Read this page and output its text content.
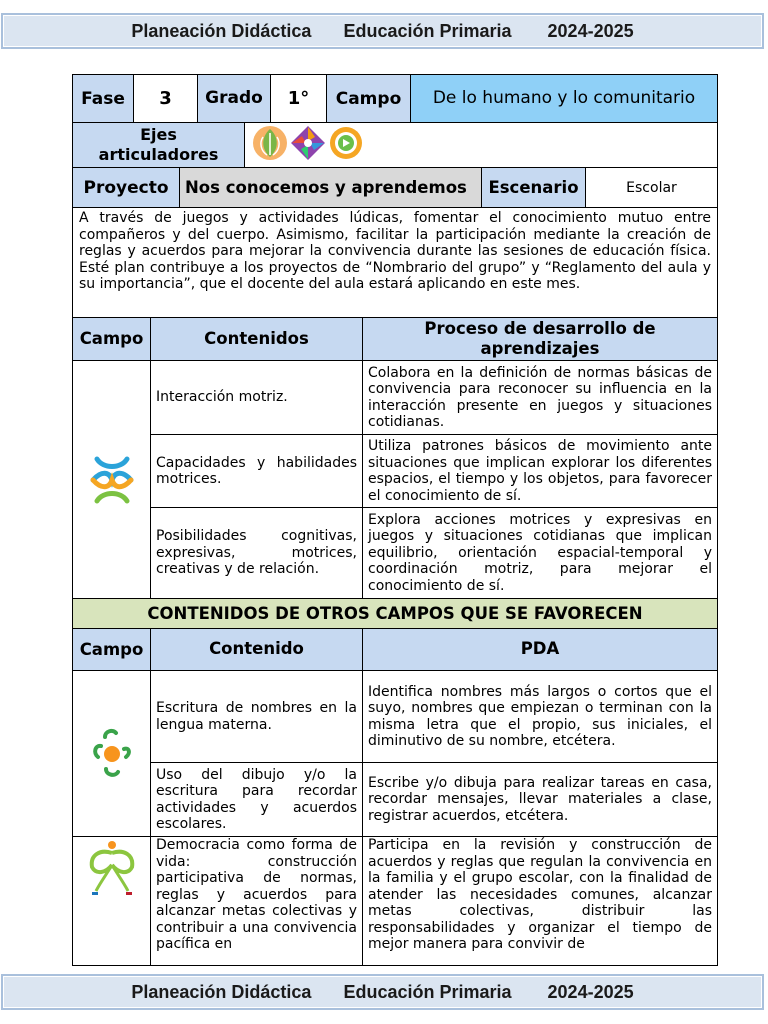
Planeación Didáctica Educación Primaria 2024-2025
Fase	3	Grado	1°	Campo	De lo humano y lo comunitario
Ejes articuladores	
Proyecto	Nos conocemos y aprendemos	Escenario	Escolar
A través de juegos y actividades lúdicas, fomentar el conocimiento mutuo entre compañeros y del cuerpo. Asimismo, facilitar la participación mediante la creación de reglas y acuerdos para mejorar la convivencia durante las sesiones de educación física. Esté plan contribuye a los proyectos de “Nombrario del grupo” y “Reglamento del aula y su importancia”, que el docente del aula estará aplicando en este mes.
Campo	Contenidos	Proceso de desarrollo de aprendizajes

	Interacción motriz.	Colabora en la definición de normas básicas de convivencia para reconocer su influencia en la interacción presente en juegos y situaciones cotidianas.
	Capacidades y habilidades motrices.	Utiliza patrones básicos de movimiento ante situaciones que implican explorar los diferentes espacios, el tiempo y los objetos, para favorecer el conocimiento de sí.
	Posibilidades cognitivas, expresivas, motrices, creativas y de relación.	Explora acciones motrices y expresivas en juegos y situaciones cotidianas que implican equilibrio, orientación espacial-temporal y coordinación motriz, para mejorar el conocimiento de sí.
CONTENIDOS DE OTROS CAMPOS QUE SE FAVORECEN
Campo	Contenido	PDA

	Escritura de nombres en la lengua materna.	Identifica nombres más largos o cortos que el suyo, nombres que empiezan o terminan con la misma letra que el propio, sus iniciales, el diminutivo de su nombre, etcétera.
	Uso del dibujo y/o la escritura para recordar actividades y acuerdos escolares.	Escribe y/o dibuja para realizar tareas en casa, recordar mensajes, llevar materiales a clase, registrar acuerdos, etcétera.

	Democracia como forma de vida: construcción participativa de normas, reglas y acuerdos para alcanzar metas colectivas y contribuir a una convivencia pacífica en	Participa en la revisión y construcción de acuerdos y reglas que regulan la convivencia en la familia y el grupo escolar, con la finalidad de atender las necesidades comunes, alcanzar metas colectivas, distribuir las responsabilidades y organizar el tiempo de mejor manera para convivir de
Planeación Didáctica Educación Primaria 2024-2025
